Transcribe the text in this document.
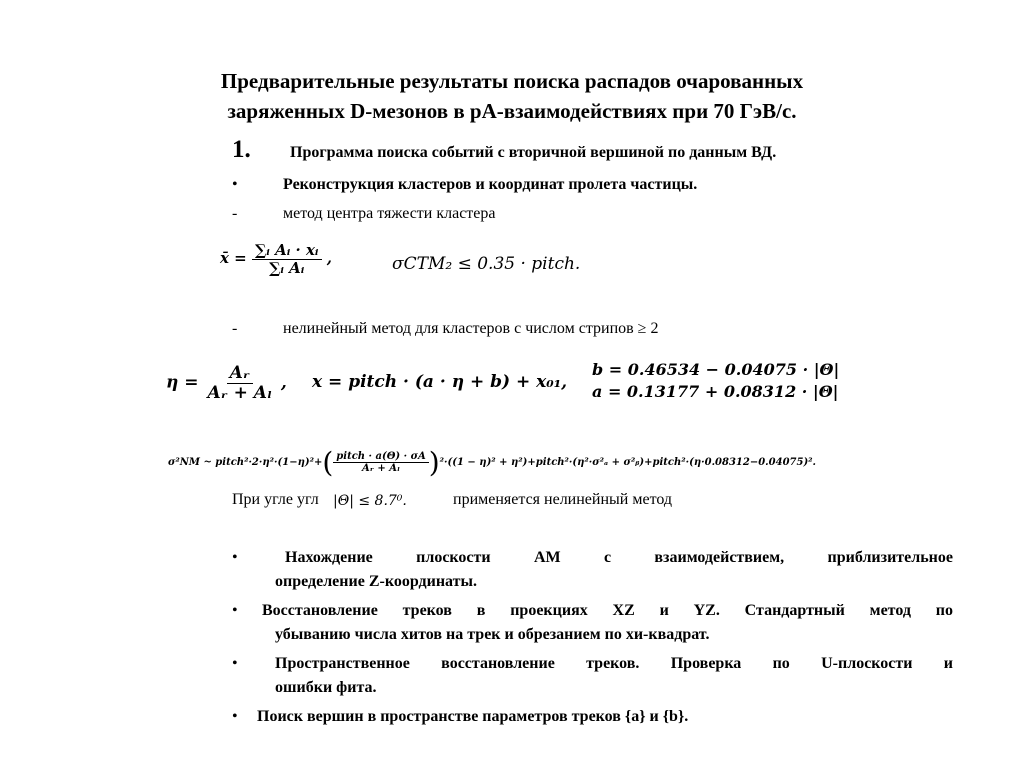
Предварительные результаты поиска распадов очарованных
заряженных D-мезонов в pA-взаимодействиях при 70 ГэВ/с.
1. Программа поиска событий с вторичной вершиной по данным ВД.
•	Реконструкция кластеров и координат пролета частицы.
-	метод центра тяжести кластера
x̄ = $\frac{\text{∑ᵢ Aᵢ · xᵢ}}{\text{∑ᵢ Aᵢ}}$ ,	σCTM₂ ≤ 0.35 · pitch.
-	нелинейный метод для кластеров с числом стрипов ≥ 2
$\eta = \frac{\text{Aᵣ}}{\text{Aᵣ + Aₗ}}$ , x = pitch · (a · η + b) + x₀₁,
b = 0.46534 − 0.04075 · |Θ|
a = 0.13177 + 0.08312 · |Θ|
σ²NM ~ pitch²·2·η²·(1−η)²+ ( $\frac{\text{pitch · a(Θ) · σA}}{\text{Aᵣ + Aₗ}}$ ) ²·((1 − η)² + η²)+pitch²·(η²·σ²ₐ + σ²ᵦ)+pitch²·(η·0.08312−0.04075)².
При угле угл |Θ| ≤ 8.7⁰.	применяется нелинейный метод
•	Нахождение плоскости АМ с взаимодействием, приблизительное
определение Z-координаты.
• Восстановление треков в проекциях XZ и YZ. Стандартный метод по
убыванию числа хитов на трек и обрезанием по хи-квадрат.
• Пространственное восстановление треков. Проверка по U-плоскости и
ошибки фита.
• Поиск вершин в пространстве параметров треков {a} и {b}.
